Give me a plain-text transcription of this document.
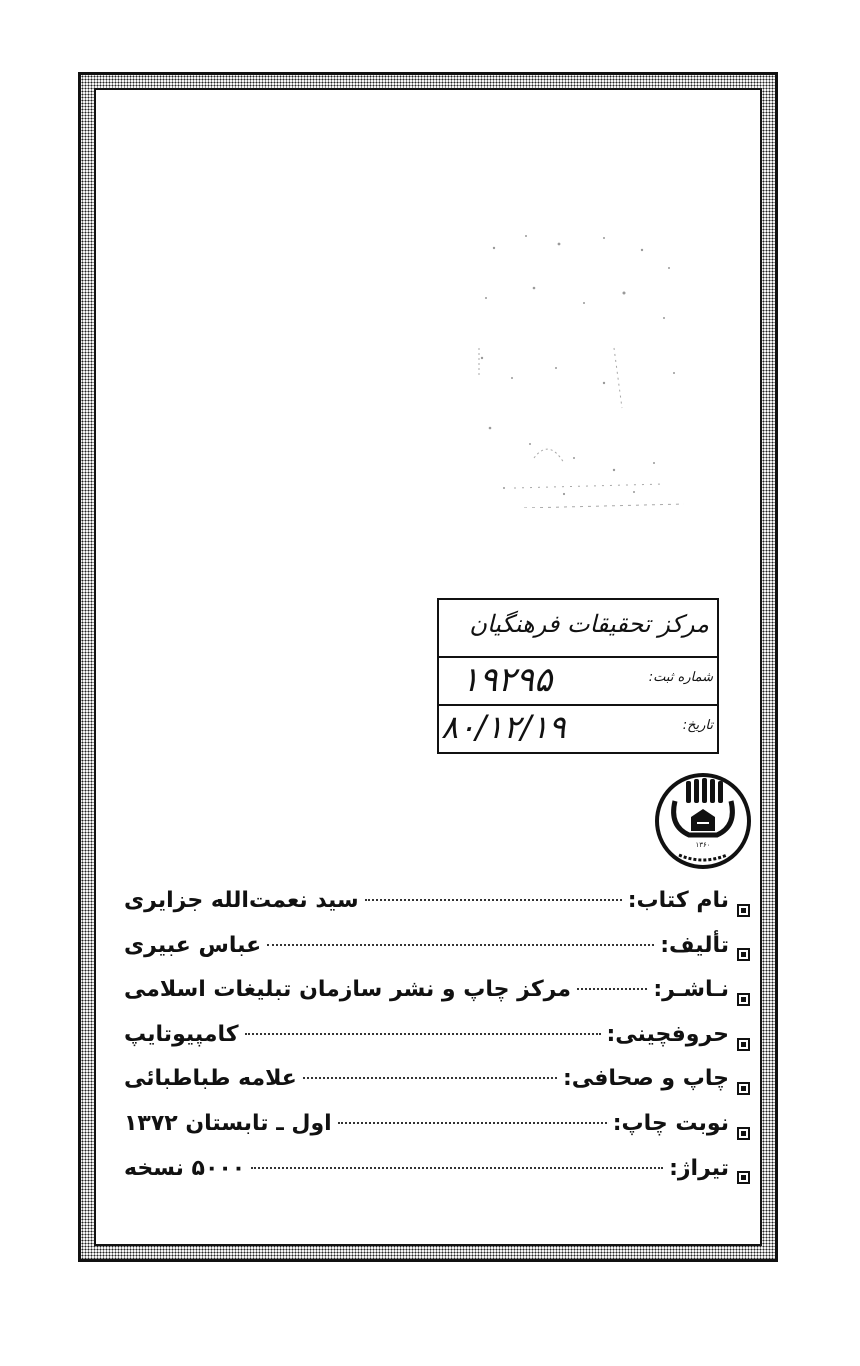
مرکز تحقیقات فرهنگیان
شماره ثبت:
۱۹۲۹۵
تاریخ:
۸۰/۱۲/۱۹
۱۳۶۰
نام کتاب:
سید نعمت‌الله جزایری
تألیف:
عباس عبیری
نـاشـر:
مرکز چاپ و نشر سازمان تبلیغات اسلامی
حروفچینی:
کامپیوتایپ
چاپ و صحافی:
علامه طباطبائی
نوبت چاپ:
اول ـ تابستان ۱۳۷۲
تیراژ:
۵۰۰۰ نسخه
